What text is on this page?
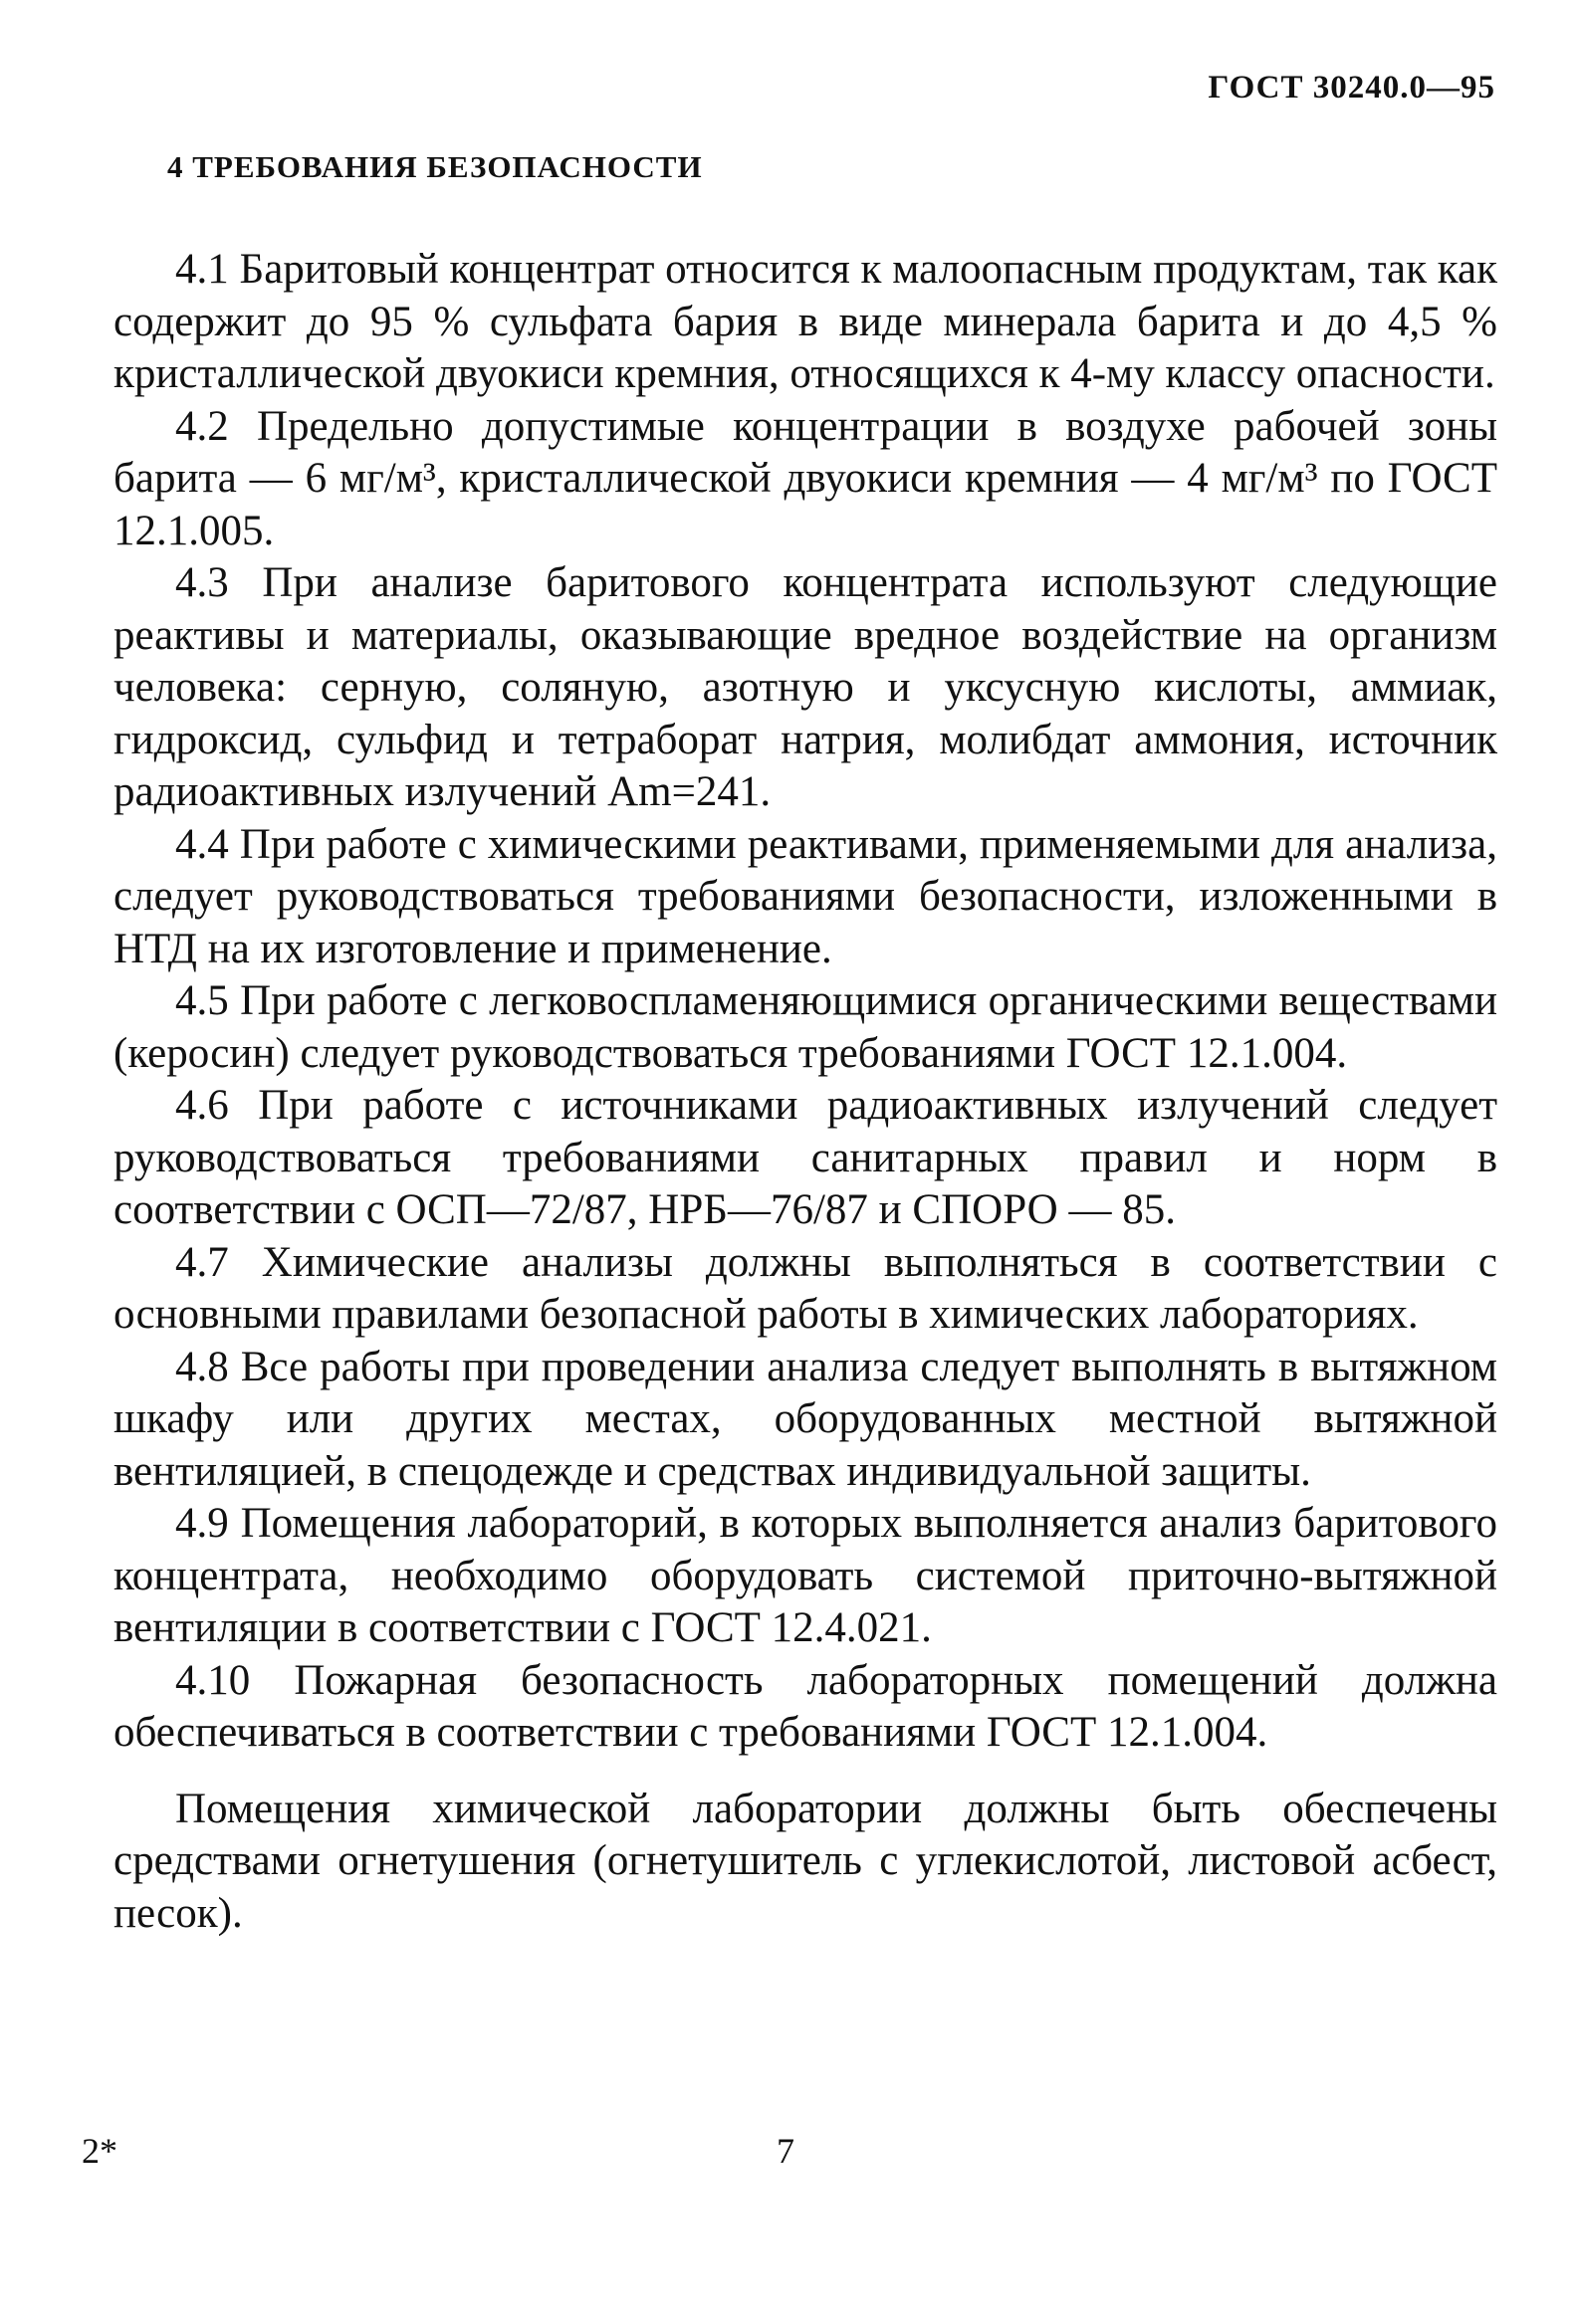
ГОСТ 30240.0—95

4 ТРЕБОВАНИЯ БЕЗОПАСНОСТИ

4.1 Баритовый концентрат относится к малоопасным продуктам, так как содержит до 95 % сульфата бария в виде минерала барита и до 4,5 % кристаллической двуокиси кремния, относящихся к 4-му классу опасности.

4.2 Предельно допустимые концентрации в воздухе рабочей зоны барита — 6 мг/м³, кристаллической двуокиси кремния — 4 мг/м³ по ГОСТ 12.1.005.

4.3 При анализе баритового концентрата используют следующие реактивы и материалы, оказывающие вредное воздействие на организм человека: серную, соляную, азотную и уксусную кислоты, аммиак, гидроксид, сульфид и тетраборат натрия, молибдат аммония, источник радиоактивных излучений Am=241.

4.4 При работе с химическими реактивами, применяемыми для анализа, следует руководствоваться требованиями безопасности, изложенными в НТД на их изготовление и применение.

4.5 При работе с легковоспламеняющимися органическими веществами (керосин) следует руководствоваться требованиями ГОСТ 12.1.004.

4.6 При работе с источниками радиоактивных излучений следует руководствоваться требованиями санитарных правил и норм в соответствии с ОСП—72/87, НРБ—76/87 и СПОРО — 85.

4.7 Химические анализы должны выполняться в соответствии с основными правилами безопасной работы в химических лабораториях.

4.8 Все работы при проведении анализа следует выполнять в вытяжном шкафу или других местах, оборудованных местной вытяжной вентиляцией, в спецодежде и средствах индивидуальной защиты.

4.9 Помещения лабораторий, в которых выполняется анализ баритового концентрата, необходимо оборудовать системой приточно-вытяжной вентиляции в соответствии с ГОСТ 12.4.021.

4.10 Пожарная безопасность лабораторных помещений должна обеспечиваться в соответствии с требованиями ГОСТ 12.1.004.

Помещения химической лаборатории должны быть обеспечены средствами огнетушения (огнетушитель с углекислотой, листовой асбест, песок).

2*	7
